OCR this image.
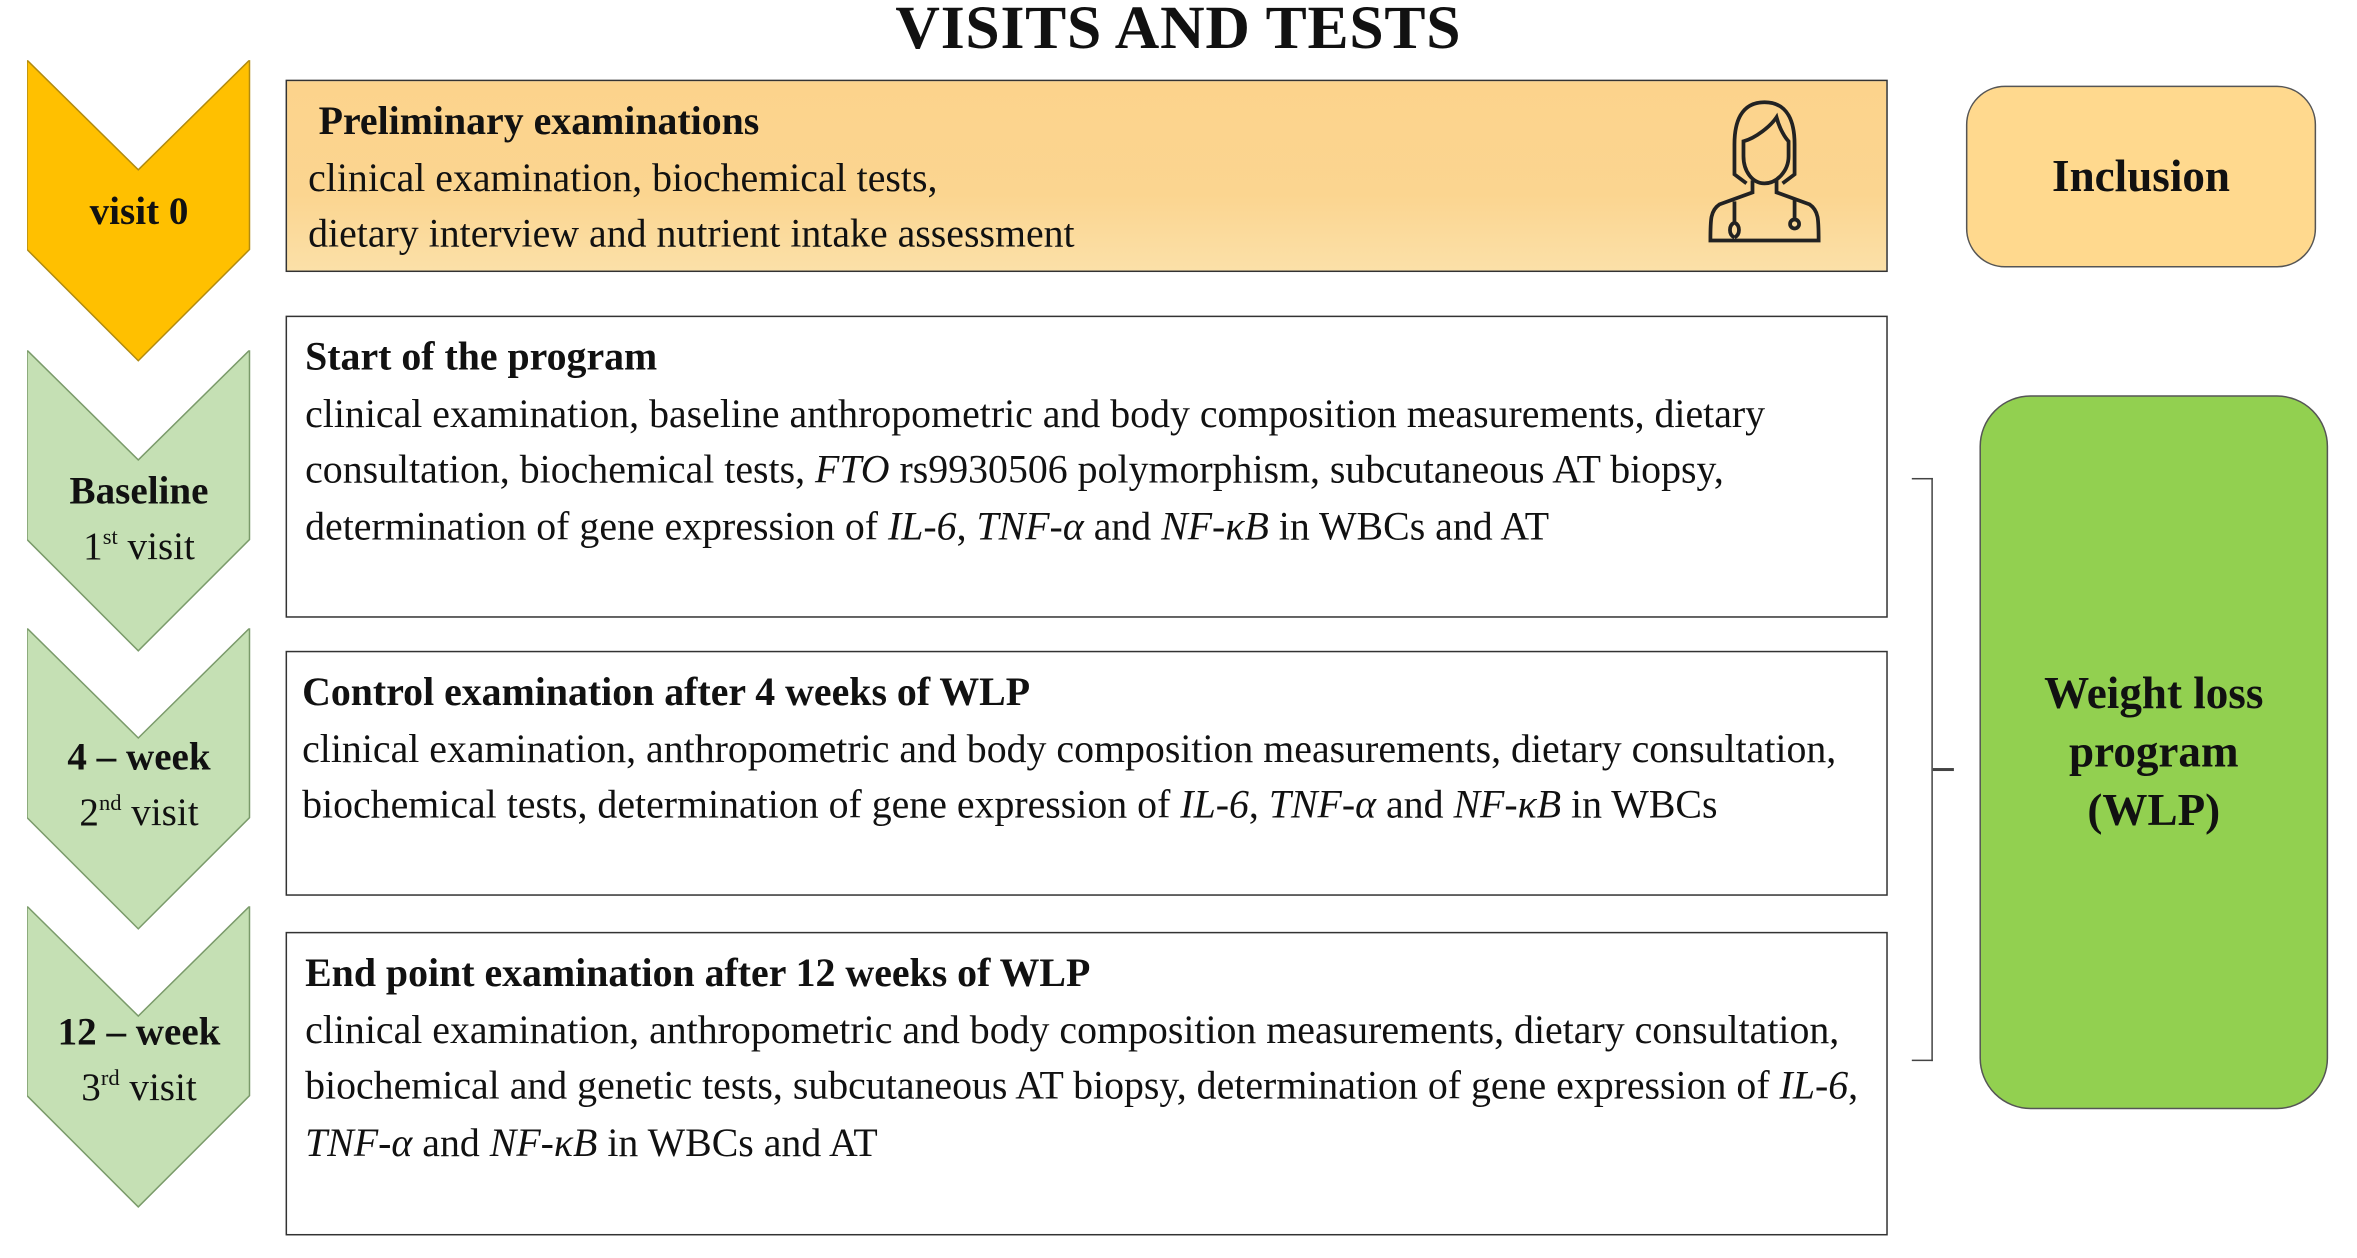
VISITS AND TESTS
visit 0
Baseline
1st visit
4 – week
2nd visit
12 – week
3rd visit
Preliminary examinations
clinical examination, biochemical tests,
dietary interview and nutrient intake assessment
Start of the program
clinical examination, baseline anthropometric and body composition measurements, dietary consultation, biochemical tests, FTO rs9930506 polymorphism, subcutaneous AT biopsy, determination of gene expression of IL-6, TNF-α and NF-κB in WBCs and AT
Control examination after 4 weeks of WLP
clinical examination, anthropometric and body composition measurements, dietary consultation, biochemical tests, determination of gene expression of IL-6, TNF-α and NF-κB in WBCs
End point examination after 12 weeks of WLP
clinical examination, anthropometric and body composition measurements, dietary consultation, biochemical and genetic tests, subcutaneous AT biopsy, determination of gene expression of IL-6, TNF-α and NF-κB in WBCs and AT
Inclusion
Weight loss
program
(WLP)
